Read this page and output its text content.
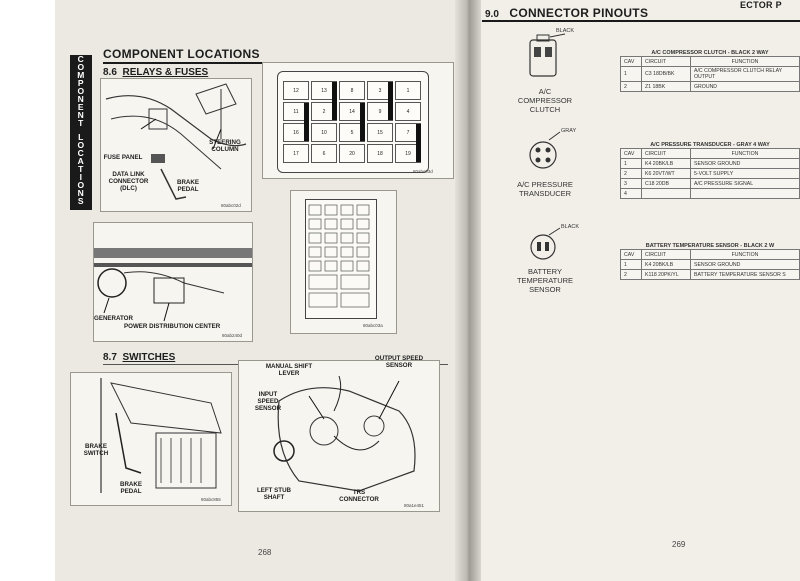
C
O
M
P
O
N
E
N
T

L
O
C
A
T
I
O
N
S
COMPONENT LOCATIONS
8.6 RELAYS & FUSES
FUSE PANEL
STEERING COLUMN
DATA LINK CONNECTOR (DLC)
BRAKE PEDAL
80abc02d
12	13	8	3	1
11	2	14	9	4
16	10	5	15	7
17	6	20	18	19
80abc03d
GENERATOR
POWER DISTRIBUTION CENTER
80ab240d
80abc03a
8.7 SWITCHES
BRAKE SWITCH
BRAKE PEDAL
80abc855
MANUAL SHIFT LEVER
OUTPUT SPEED SENSOR
INPUT SPEED SENSOR
LEFT STUB SHAFT
TRS CONNECTOR
80a1e451
268
9.0 CONNECTOR PINOUTS
ECTOR P
BLACK
A/C
COMPRESSOR
CLUTCH
A/C COMPRESSOR CLUTCH - BLACK 2 WAY
CAV	CIRCUIT	FUNCTION
1	C3 18DB/BK	A/C COMPRESSOR CLUTCH RELAY OUTPUT
2	Z1 18BK	GROUND
GRAY
A/C PRESSURE
TRANSDUCER
A/C PRESSURE TRANSDUCER - GRAY 4 WAY
CAV	CIRCUIT	FUNCTION
1	K4 20BK/LB	SENSOR GROUND
2	K6 20VT/WT	5-VOLT SUPPLY
3	C18 20DB	A/C PRESSURE SIGNAL
4		
BLACK
BATTERY
TEMPERATURE
SENSOR
BATTERY TEMPERATURE SENSOR - BLACK 2 W
CAV	CIRCUIT	FUNCTION
1	K4 20BK/LB	SENSOR GROUND
2	K118 20PK/YL	BATTERY TEMPERATURE SENSOR S
269
